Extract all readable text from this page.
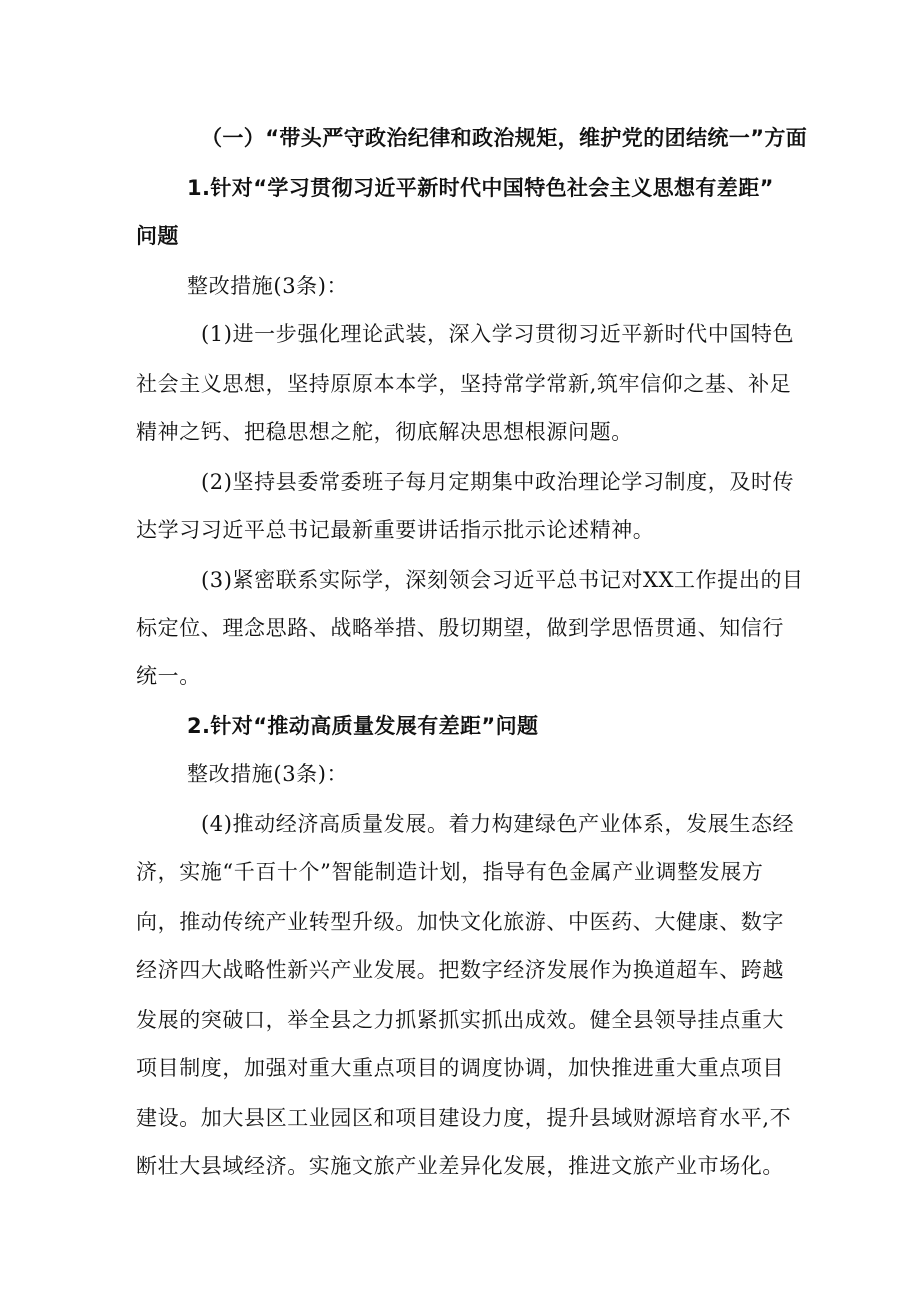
（一）“带头严守政治纪律和政治规矩，维护党的团结统一”方面
1.针对“学习贯彻习近平新时代中国特色社会主义思想有差距”
问题
整改措施(3条)：
(1)进一步强化理论武装，深入学习贯彻习近平新时代中国特色
社会主义思想，坚持原原本本学，坚持常学常新,筑牢信仰之基、补足
精神之钙、把稳思想之舵，彻底解决思想根源问题。
(2)坚持县委常委班子每月定期集中政治理论学习制度，及时传
达学习习近平总书记最新重要讲话指示批示论述精神。
(3)紧密联系实际学，深刻领会习近平总书记对XX工作提出的目
标定位、理念思路、战略举措、殷切期望，做到学思悟贯通、知信行
统一。
2.针对“推动高质量发展有差距”问题
整改措施(3条)：
(4)推动经济高质量发展。着力构建绿色产业体系，发展生态经
济，实施“千百十个”智能制造计划，指导有色金属产业调整发展方
向，推动传统产业转型升级。加快文化旅游、中医药、大健康、数字
经济四大战略性新兴产业发展。把数字经济发展作为换道超车、跨越
发展的突破口，举全县之力抓紧抓实抓出成效。健全县领导挂点重大
项目制度，加强对重大重点项目的调度协调，加快推进重大重点项目
建设。加大县区工业园区和项目建设力度，提升县域财源培育水平,不
断壮大县域经济。实施文旅产业差异化发展，推进文旅产业市场化。
